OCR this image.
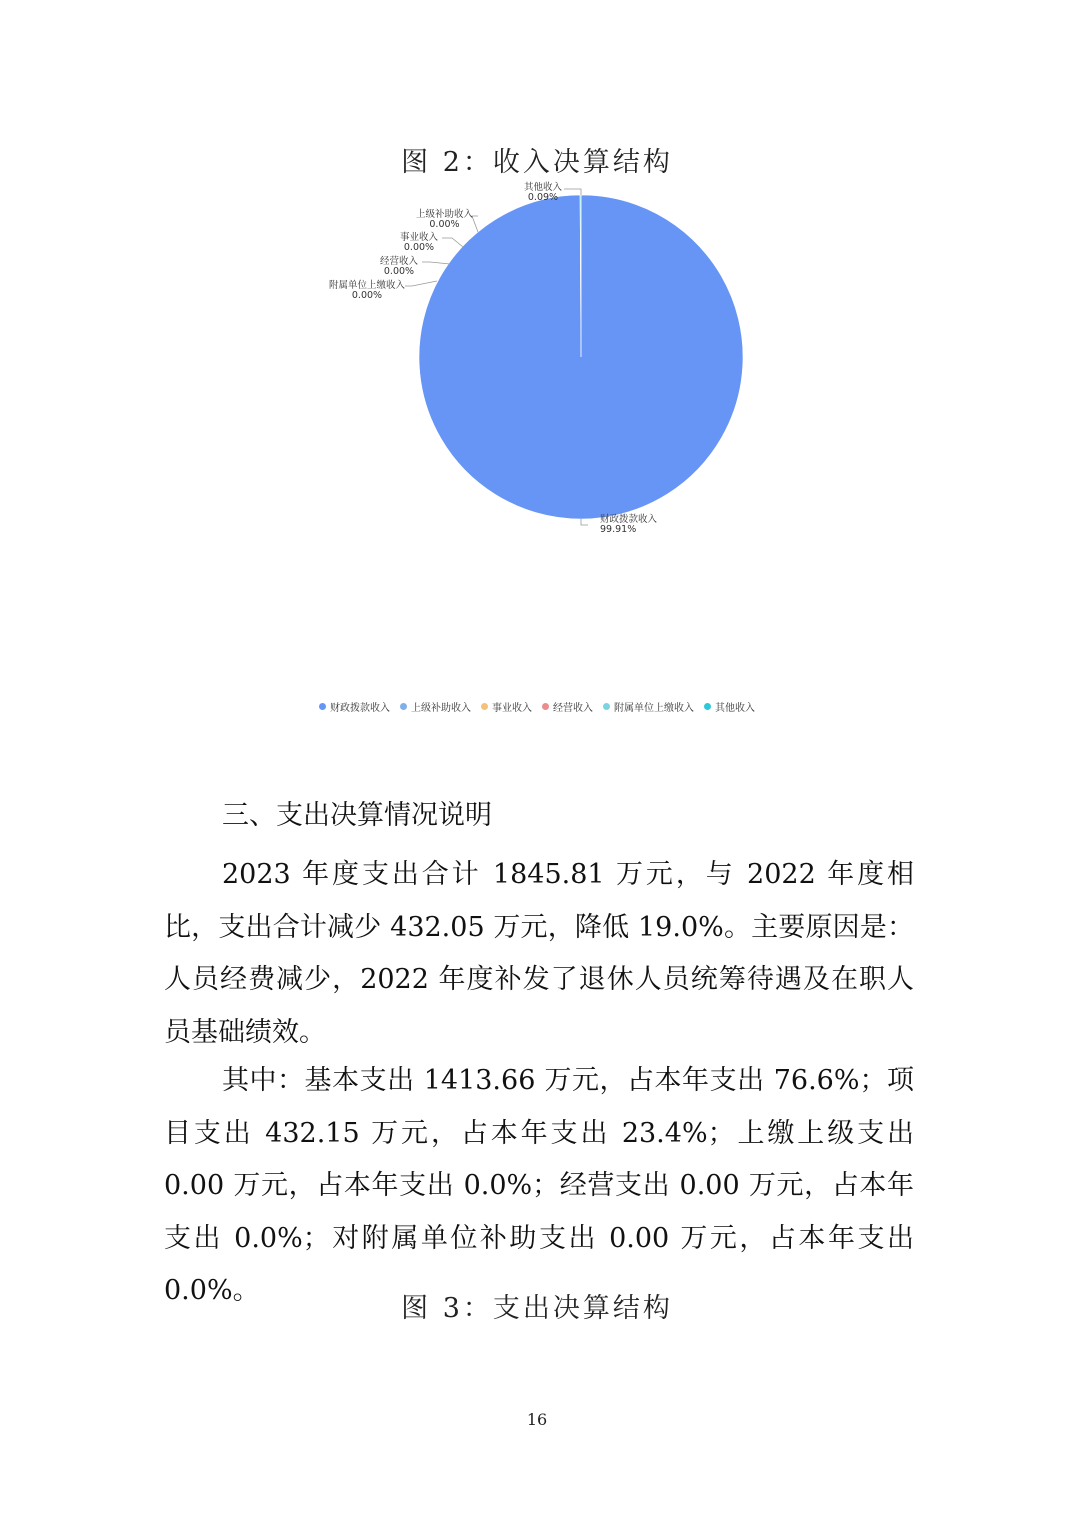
图 2：收入决算结构
财政拨款收入
99.91%
上级补助收入
0.00%
事业收入
0.00%
经营收入
0.00%
附属单位上缴收入
0.00%
其他收入
0.09%
财政拨款收入 上级补助收入 事业收入 经营收入 附属单位上缴收入 其他收入
三、支出决算情况说明

2023 年度支出合计 1845.81 万元，与 2022 年度相比，支出合计减少 432.05 万元，降低 19.0%。主要原因是：人员经费减少，2022 年度补发了退休人员统筹待遇及在职人员基础绩效。

其中：基本支出 1413.66 万元，占本年支出 76.6%；项目支出 432.15 万元，占本年支出 23.4%；上缴上级支出 0.00 万元，占本年支出 0.0%；经营支出 0.00 万元，占本年支出 0.0%；对附属单位补助支出 0.00 万元，占本年支出 0.0%。

图 3：支出决算结构
16
